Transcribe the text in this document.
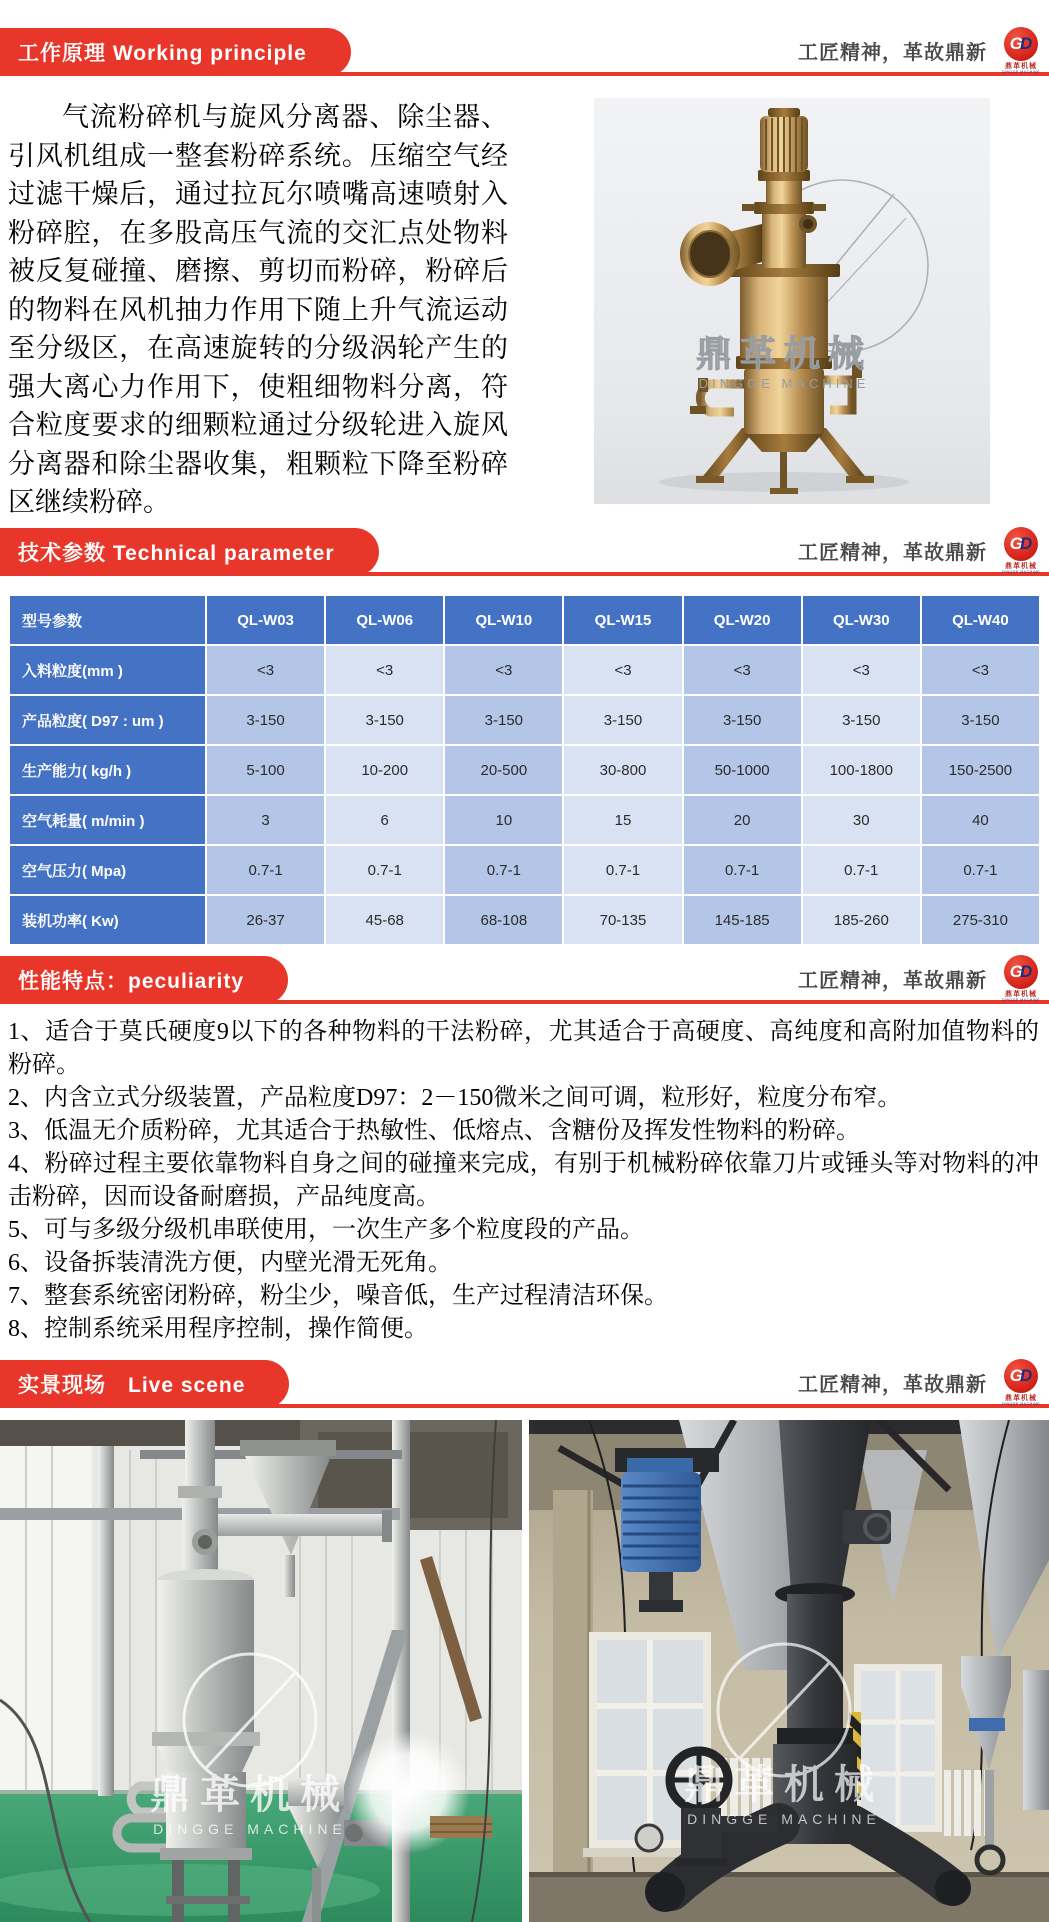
工作原理 Working principle	工匠精神，革故鼎新 G
D
鼎革机械
DINGGE MACHINE
气流粉碎机与旋风分离器、除尘器、引风机组成一整套粉碎系统。压缩空气经过滤干燥后，通过拉瓦尔喷嘴高速喷射入粉碎腔，在多股高压气流的交汇点处物料被反复碰撞、磨擦、剪切而粉碎，粉碎后的物料在风机抽力作用下随上升气流运动至分级区，在高速旋转的分级涡轮产生的强大离心力作用下，使粗细物料分离，符合粒度要求的细颗粒通过分级轮进入旋风分离器和除尘器收集，粗颗粒下降至粉碎区继续粉碎。
鼎革机械
DINGGE MACHINE
技术参数 Technical parameter	工匠精神，革故鼎新 G
D
鼎革机械
DINGGE MACHINE
型号参数	QL-W03	QL-W06	QL-W10	QL-W15	QL-W20	QL-W30	QL-W40
入料粒度(mm )	<3	<3	<3	<3	<3	<3	<3
产品粒度( D97 : um )	3-150	3-150	3-150	3-150	3-150	3-150	3-150
生产能力( kg/h )	5-100	10-200	20-500	30-800	50-1000	100-1800	150-2500
空气耗量( m/min )	3	6	10	15	20	30	40
空气压力( Mpa)	0.7-1	0.7-1	0.7-1	0.7-1	0.7-1	0.7-1	0.7-1
装机功率( Kw)	26-37	45-68	68-108	70-135	145-185	185-260	275-310
性能特点：peculiarity	工匠精神，革故鼎新 G
D
鼎革机械
DINGGE MACHINE
1、适合于莫氏硬度9以下的各种物料的干法粉碎，尤其适合于高硬度、高纯度和高附加值物料的粉碎。
2、内含立式分级装置，产品粒度D97：2－150微米之间可调，粒形好，粒度分布窄。
3、低温无介质粉碎，尤其适合于热敏性、低熔点、含糖份及挥发性物料的粉碎。
4、粉碎过程主要依靠物料自身之间的碰撞来完成，有别于机械粉碎依靠刀片或锤头等对物料的冲击粉碎，因而设备耐磨损，产品纯度高。
5、可与多级分级机串联使用，一次生产多个粒度段的产品。
6、设备拆装清洗方便，内壁光滑无死角。
7、整套系统密闭粉碎，粉尘少，噪音低，生产过程清洁环保。
8、控制系统采用程序控制，操作简便。
实景现场　Live scene	工匠精神，革故鼎新 G
D
鼎革机械
DINGGE MACHINE
鼎革机械
DINGGE MACHINE
鼎革机械
DINGGE MACHINE
